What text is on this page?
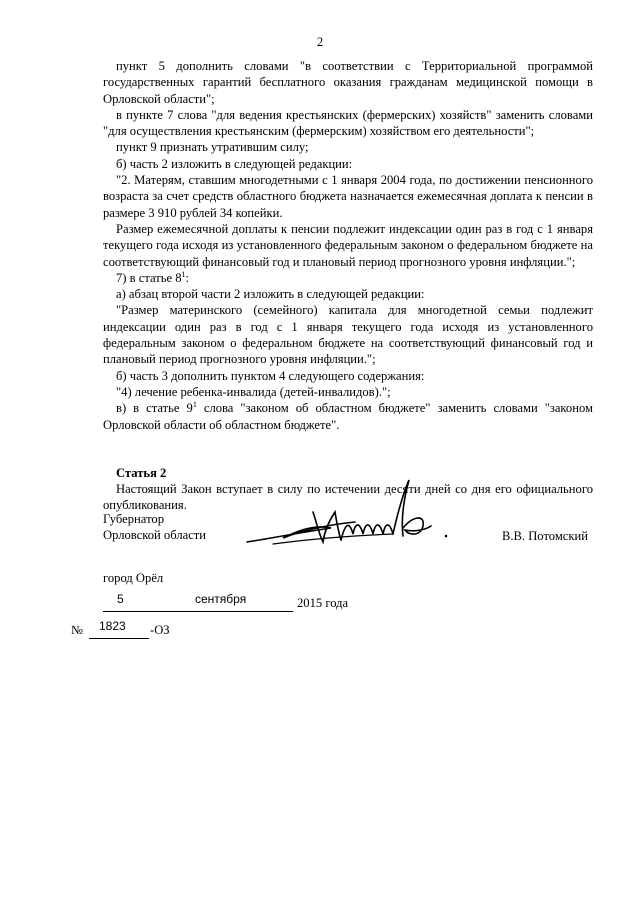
2

пункт 5 дополнить словами "в соответствии с Территориальной программой государственных гарантий бесплатного оказания гражданам медицинской помощи в Орловской области";

в пункте 7 слова "для ведения крестьянских (фермерских) хозяйств" заменить словами "для осуществления крестьянским (фермерским) хозяйством его деятельности";

пункт 9 признать утратившим силу;

б) часть 2 изложить в следующей редакции:

"2. Матерям, ставшим многодетными с 1 января 2004 года, по достижении пенсионного возраста за счет средств областного бюджета назначается ежемесячная доплата к пенсии в размере 3 910 рублей 34 копейки.

Размер ежемесячной доплаты к пенсии подлежит индексации один раз в год с 1 января текущего года исходя из установленного федеральным законом о федеральном бюджете на соответствующий финансовый год и плановый период прогнозного уровня инфляции.";

7) в статье $8^1$:

а) абзац второй части 2 изложить в следующей редакции:

"Размер материнского (семейного) капитала для многодетной семьи подлежит индексации один раз в год с 1 января текущего года исходя из установленного федеральным законом о федеральном бюджете на соответствующий финансовый год и плановый период прогнозного уровня инфляции.";

б) часть 3 дополнить пунктом 4 следующего содержания:

"4) лечение ребенка-инвалида (детей-инвалидов).";

в) в статье $9^1$ слова "законом об областном бюджете" заменить словами "законом Орловской области об областном бюджете".

Статья 2

Настоящий Закон вступает в силу по истечении десяти дней со дня его официального опубликования.

Губернатор
Орловской области	В.В. Потомский
город Орёл
5	сентября	2015 года
№ 1823 -ОЗ
